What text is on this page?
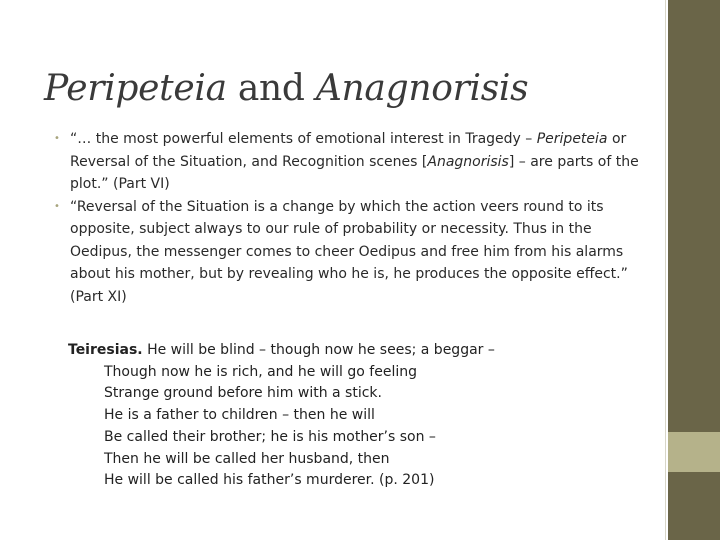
Peripeteia and Anagnorisis
• “… the most powerful elements of emotional interest in Tragedy – Peripeteia or Reversal of the Situation, and Recognition scenes [Anagnorisis] – are parts of the plot.” (Part VI)
• “Reversal of the Situation is a change by which the action veers round to its opposite, subject always to our rule of probability or necessity. Thus in the Oedipus, the messenger comes to cheer Oedipus and free him from his alarms about his mother, but by revealing who he is, he produces the opposite effect.” (Part XI)
Teiresias. He will be blind – though now he sees; a beggar –
Though now he is rich, and he will go feeling
Strange ground before him with a stick.
He is a father to children – then he will
Be called their brother; he is his mother’s son –
Then he will be called her husband, then
He will be called his father’s murderer. (p. 201)
